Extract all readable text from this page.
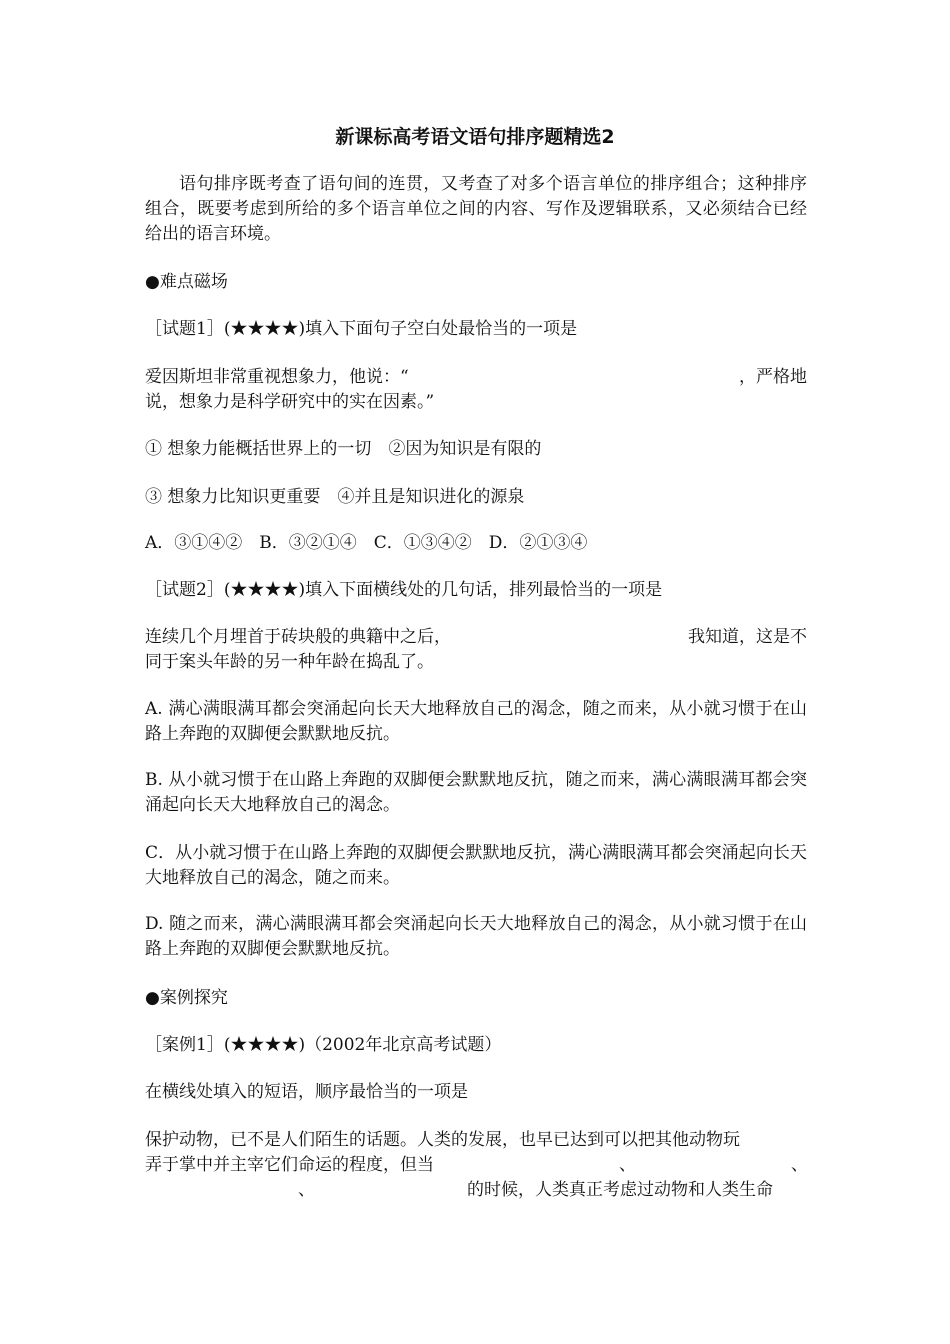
新课标高考语文语句排序题精选2

语句排序既考查了语句间的连贯，又考查了对多个语言单位的排序组合；这种排序组合，既要考虑到所给的多个语言单位之间的内容、写作及逻辑联系，又必须结合已经给出的语言环境。

●难点磁场

［试题1］(★★★★)填入下面句子空白处最恰当的一项是

爱因斯坦非常重视想象力，他说：“	，严格地
说，想象力是科学研究中的实在因素。”

① 想象力能概括世界上的一切　②因为知识是有限的

③ 想象力比知识更重要　④并且是知识进化的源泉

A．③①④②　B．③②①④　C．①③④②　D．②①③④

［试题2］(★★★★)填入下面横线处的几句话，排列最恰当的一项是

连续几个月埋首于砖块般的典籍中之后，	我知道，这是不
同于案头年龄的另一种年龄在捣乱了。

A. 满心满眼满耳都会突涌起向长天大地释放自己的渴念，随之而来，从小就习惯于在山路上奔跑的双脚便会默默地反抗。

B. 从小就习惯于在山路上奔跑的双脚便会默默地反抗，随之而来，满心满眼满耳都会突涌起向长天大地释放自己的渴念。

C．从小就习惯于在山路上奔跑的双脚便会默默地反抗，满心满眼满耳都会突涌起向长天大地释放自己的渴念，随之而来。

D. 随之而来，满心满眼满耳都会突涌起向长天大地释放自己的渴念，从小就习惯于在山路上奔跑的双脚便会默默地反抗。

●案例探究

［案例1］(★★★★)（2002年北京高考试题）

在横线处填入的短语，顺序最恰当的一项是

保护动物，已不是人们陌生的话题。人类的发展，也早已达到可以把其他动物玩
弄于掌中并主宰它们命运的程度，但当	、	、
、	的时候，人类真正考虑过动物和人类生命
